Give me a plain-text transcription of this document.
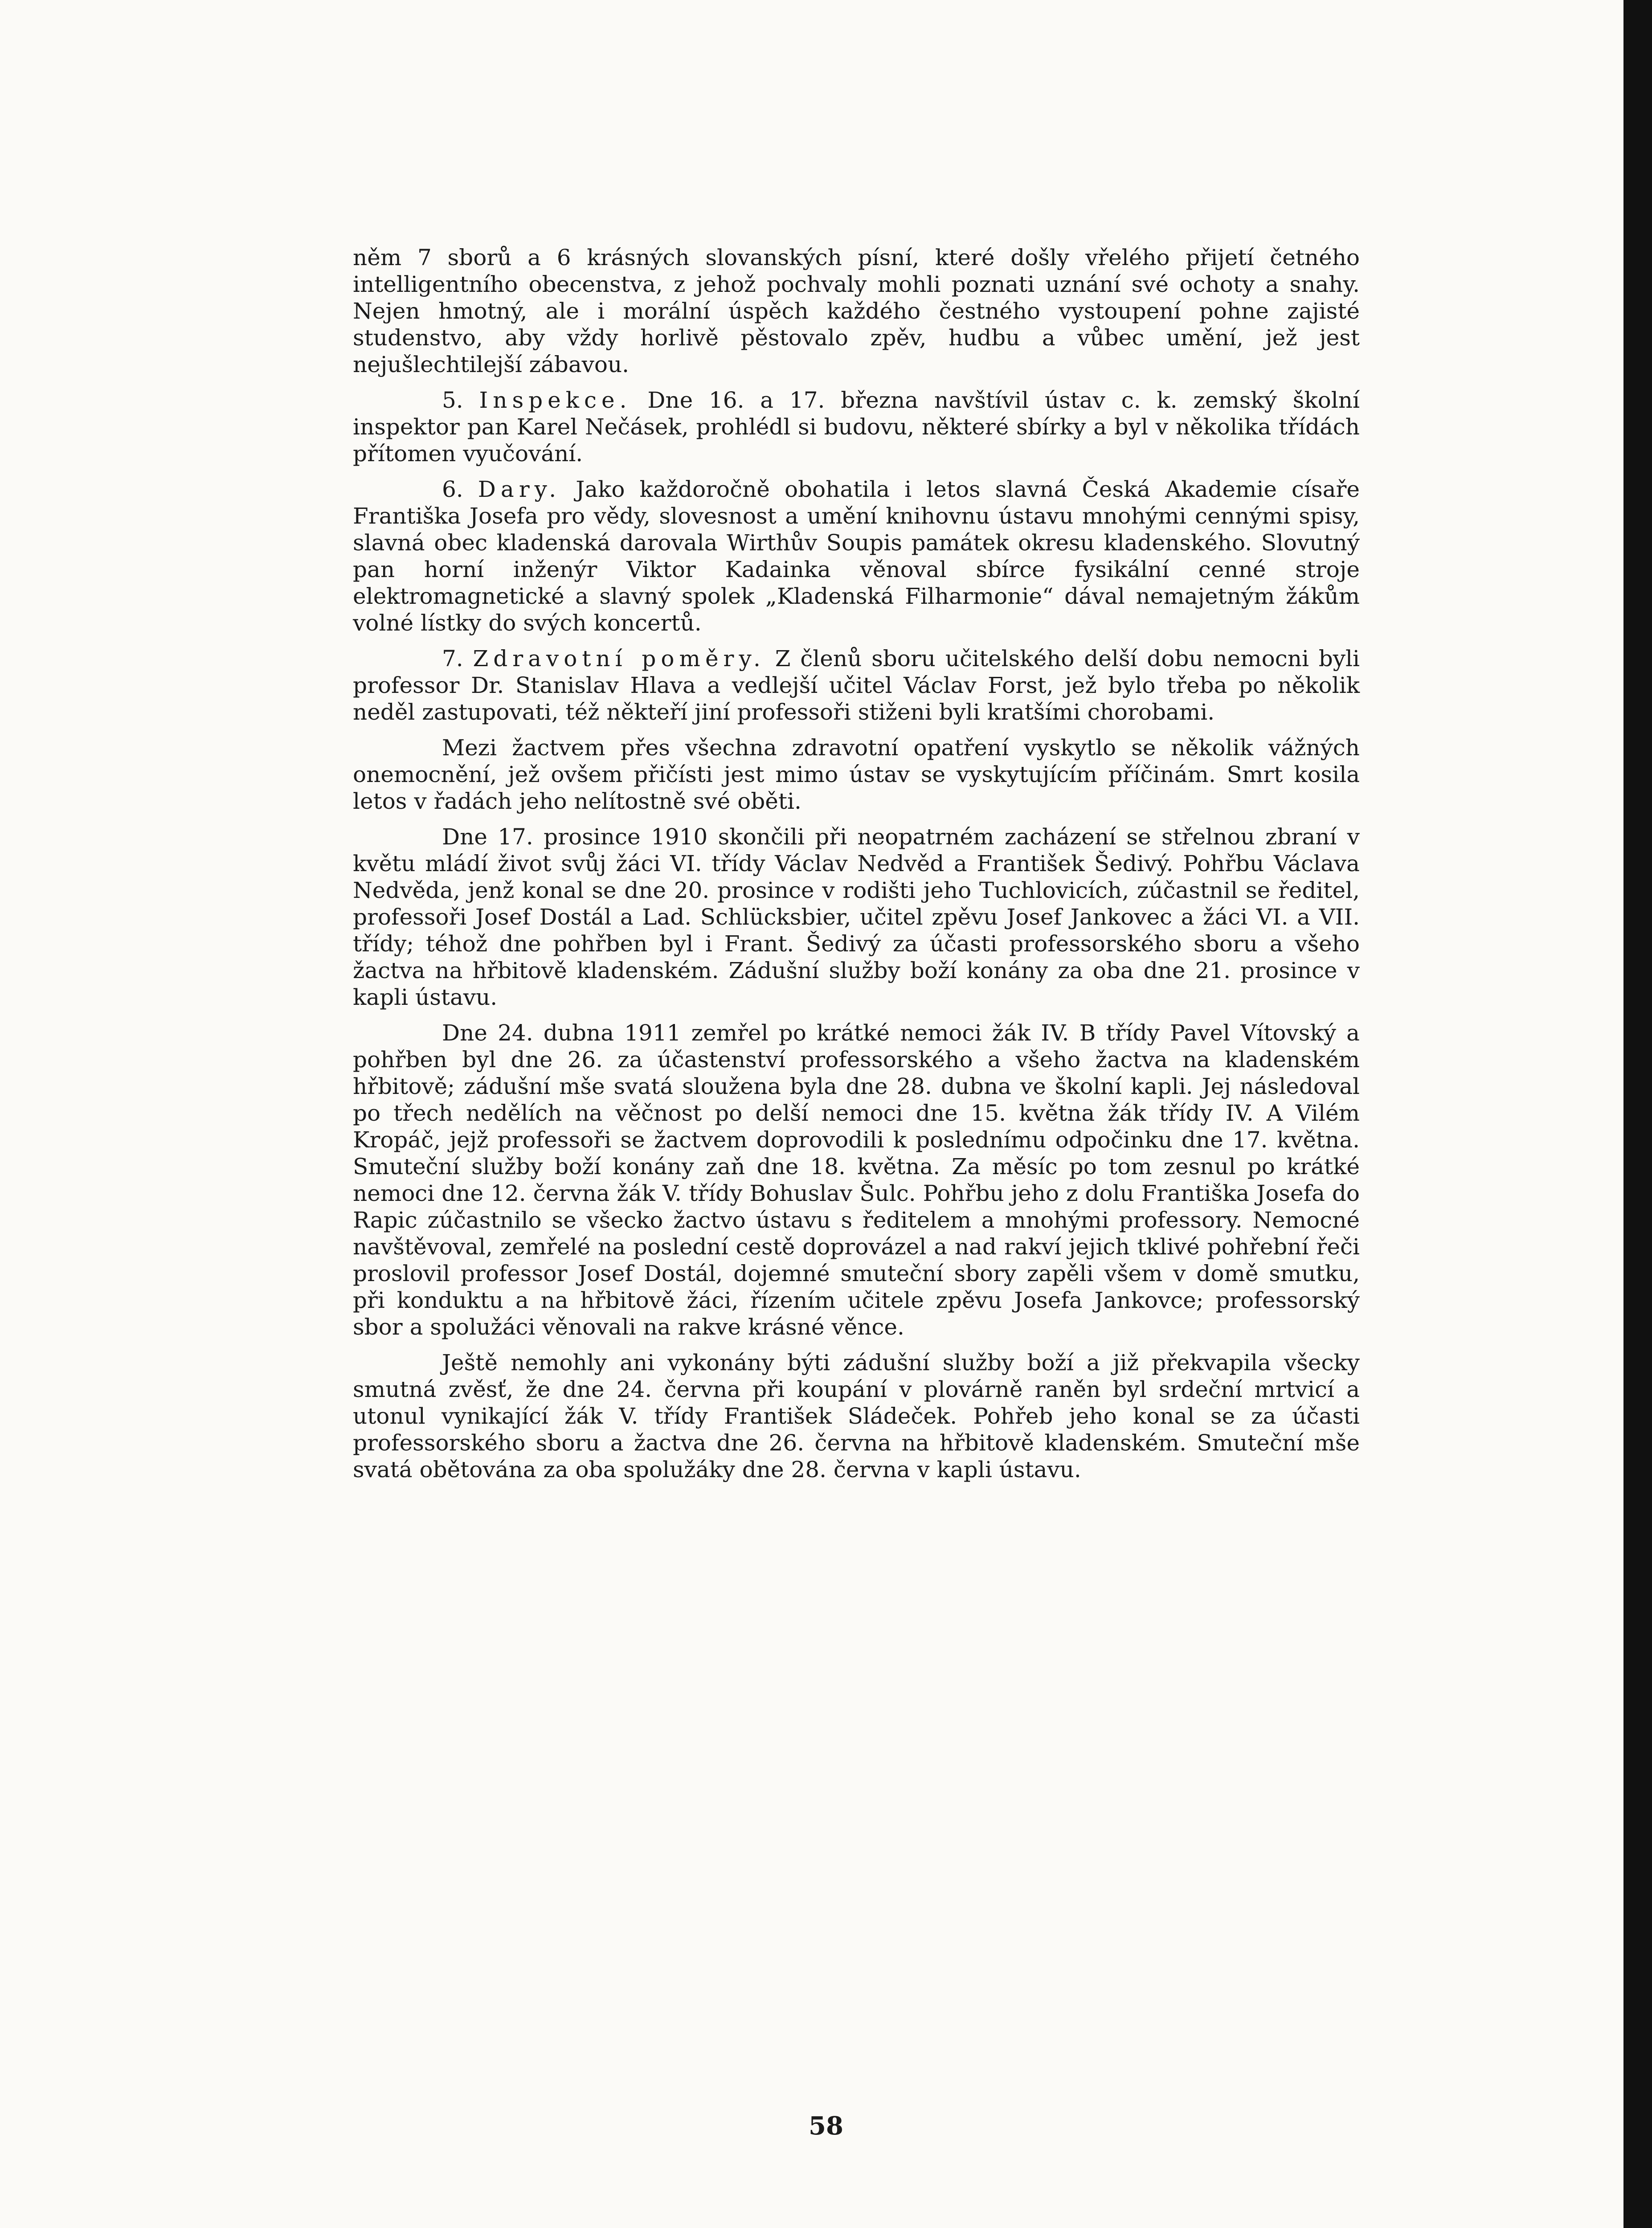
něm 7 sborů a 6 krásných slovanských písní, které došly vřelého přijetí četného intelligentního obecenstva, z jehož pochvaly mohli poznati uznání své ochoty a snahy. Nejen hmotný, ale i morální úspěch každého čestného vystoupení pohne zajisté studenstvo, aby vždy horlivě pěstovalo zpěv, hudbu a vůbec umění, jež jest nejušlechtilejší zábavou.

5. Inspekce. Dne 16. a 17. března navštívil ústav c. k. zemský školní inspektor pan Karel Nečásek, prohlédl si budovu, některé sbírky a byl v několika třídách přítomen vyučování.

6. Dary. Jako každoročně obohatila i letos slavná Česká Akademie císaře Františka Josefa pro vědy, slovesnost a umění knihovnu ústavu mnohými cennými spisy, slavná obec kladenská darovala Wirthův Soupis památek okresu kladenského. Slovutný pan horní inženýr Viktor Kadainka věnoval sbírce fysikální cenné stroje elektromagnetické a slavný spolek „Kladenská Filharmonie“ dával nemajetným žákům volné lístky do svých koncertů.

7. Zdravotní poměry. Z členů sboru učitelského delší dobu nemocni byli professor Dr. Stanislav Hlava a vedlejší učitel Václav Forst, jež bylo třeba po několik neděl zastupovati, též někteří jiní professoři stiženi byli kratšími chorobami.

Mezi žactvem přes všechna zdravotní opatření vyskytlo se několik vážných onemocnění, jež ovšem přičísti jest mimo ústav se vyskytujícím příčinám. Smrt kosila letos v řadách jeho nelítostně své oběti.

Dne 17. prosince 1910 skončili při neopatrném zacházení se střelnou zbraní v květu mládí život svůj žáci VI. třídy Václav Nedvěd a František Šedivý. Pohřbu Václava Nedvěda, jenž konal se dne 20. prosince v rodišti jeho Tuchlovicích, zúčastnil se ředitel, professoři Josef Dostál a Lad. Schlücksbier, učitel zpěvu Josef Jankovec a žáci VI. a VII. třídy; téhož dne pohřben byl i Frant. Šedivý za účasti professorského sboru a všeho žactva na hřbitově kladenském. Zádušní služby boží konány za oba dne 21. prosince v kapli ústavu.

Dne 24. dubna 1911 zemřel po krátké nemoci žák IV. B třídy Pavel Vítovský a pohřben byl dne 26. za účastenství professorského a všeho žactva na kladenském hřbitově; zádušní mše svatá sloužena byla dne 28. dubna ve školní kapli. Jej následoval po třech nedělích na věčnost po delší nemoci dne 15. května žák třídy IV. A Vilém Kropáč, jejž professoři se žactvem doprovodili k poslednímu odpočinku dne 17. května. Smuteční služby boží konány zaň dne 18. května. Za měsíc po tom zesnul po krátké nemoci dne 12. června žák V. třídy Bohuslav Šulc. Pohřbu jeho z dolu Františka Josefa do Rapic zúčastnilo se všecko žactvo ústavu s ředitelem a mnohými professory. Nemocné navštěvoval, zemřelé na poslední cestě doprovázel a nad rakví jejich tklivé pohřební řeči proslovil professor Josef Dostál, dojemné smuteční sbory zapěli všem v domě smutku, při konduktu a na hřbitově žáci, řízením učitele zpěvu Josefa Jankovce; professorský sbor a spolužáci věnovali na rakve krásné věnce.

Ještě nemohly ani vykonány býti zádušní služby boží a již překvapila všecky smutná zvěsť, že dne 24. června při koupání v plovárně raněn byl srdeční mrtvicí a utonul vynikající žák V. třídy František Sládeček. Pohřeb jeho konal se za účasti professorského sboru a žactva dne 26. června na hřbitově kladenském. Smuteční mše svatá obětována za oba spolužáky dne 28. června v kapli ústavu.

58
